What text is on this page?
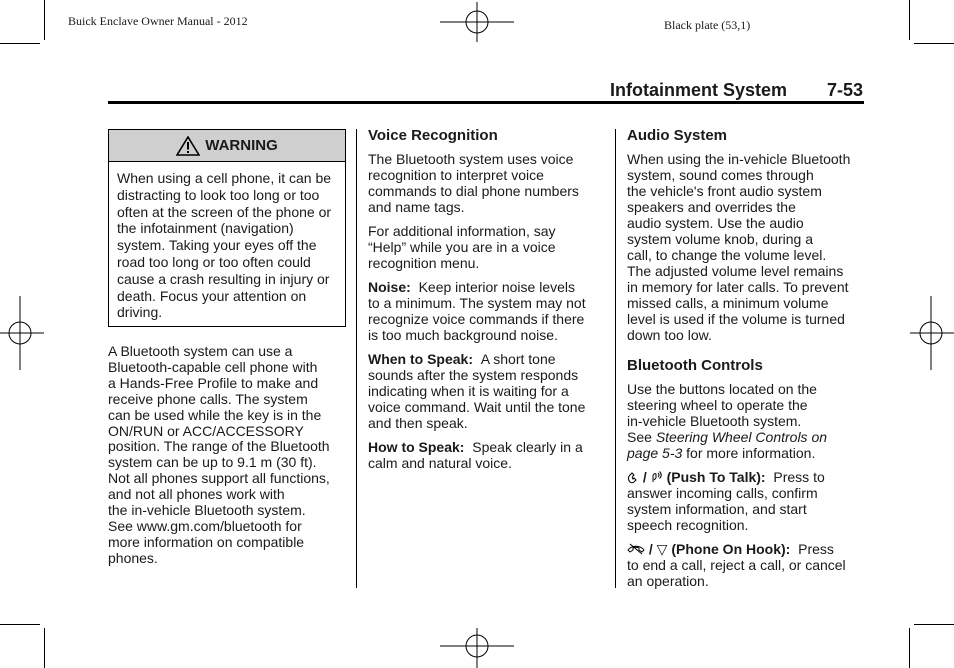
Buick Enclave Owner Manual - 2012	Black plate (53,1)
Infotainment System 7-53
WARNING
When using a cell phone, it can be distracting to look too long or too often at the screen of the phone or the infotainment (navigation) system. Taking your eyes off the road too long or too often could cause a crash resulting in injury or death. Focus your attention on driving.
A Bluetooth system can use a
Bluetooth-capable cell phone with
a Hands-Free Profile to make and
receive phone calls. The system
can be used while the key is in the
ON/RUN or ACC/ACCESSORY
position. The range of the Bluetooth
system can be up to 9.1 m (30 ft).
Not all phones support all functions,
and not all phones work with
the in-vehicle Bluetooth system.
See www.gm.com/bluetooth for
more information on compatible
phones.
Voice Recognition

The Bluetooth system uses voice
recognition to interpret voice
commands to dial phone numbers
and name tags.

For additional information, say
“Help” while you are in a voice
recognition menu.

Noise: Keep interior noise levels
to a minimum. The system may not
recognize voice commands if there
is too much background noise.

When to Speak: A short tone
sounds after the system responds
indicating when it is waiting for a
voice command. Wait until the tone
and then speak.

How to Speak: Speak clearly in a
calm and natural voice.

Audio System

When using the in-vehicle Bluetooth
system, sound comes through
the vehicle's front audio system
speakers and overrides the
audio system. Use the audio
system volume knob, during a
call, to change the volume level.
The adjusted volume level remains
in memory for later calls. To prevent
missed calls, a minimum volume
level is used if the volume is turned
down too low.

Bluetooth Controls

Use the buttons located on the
steering wheel to operate the
in-vehicle Bluetooth system.
See Steering Wheel Controls on
page 5-3 for more information.

/  (Push To Talk): Press to
answer incoming calls, confirm
system information, and start
speech recognition.

/ ▽ (Phone On Hook): Press
to end a call, reject a call, or cancel
an operation.
